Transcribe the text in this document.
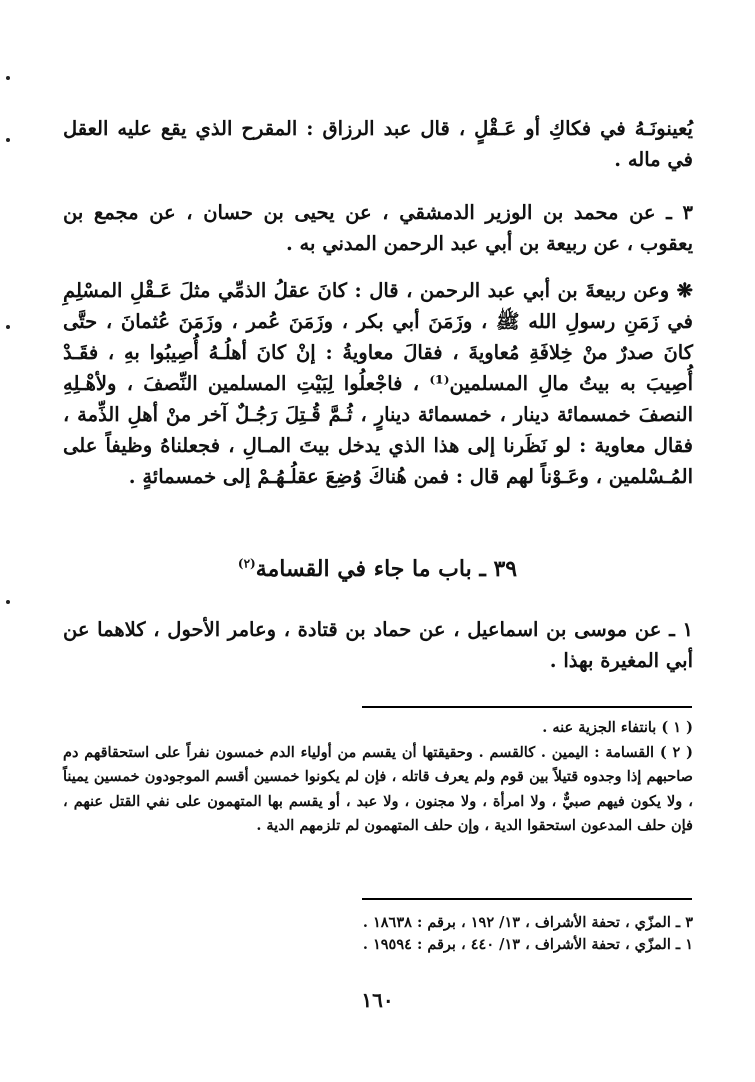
يُعينونَـهُ في فكاكِ أو عَـقْلٍ ، قال عبد الرزاق : المقرح الذي يقع عليه العقل في ماله .

٣ ـ عن محمد بن الوزير الدمشقي ، عن يحيى بن حسان ، عن مجمع بن يعقوب ، عن ربيعة بن أبي عبد الرحمن المدني به .

❋ وعن ربيعةَ بن أبي عبد الرحمن ، قال : كانَ عقلُ الذمِّي مثلَ عَـقْلِ المسْلِمِ في زَمَنِ رسولِ الله ﷺ ، وزَمَنَ أبي بكر ، وزَمَنَ عُمر ، وزَمَنَ عُثمانَ ، حتَّى كانَ صدرٌ منْ خِلافَةِ مُعاويةَ ، فقالَ معاويةُ : إنْ كانَ أهلُـهُ أُصِيبُوا بهِ ، فقَـدْ أُصِيبَ به بيتُ مالِ المسلمين⁽¹⁾ ، فاجْعلُوا لِبَيْتِ المسلمين النِّصفَ ، ولأهْـلِهِ النصفَ خمسمائة دينار ، خمسمائة دينارٍ ، ثُـمَّ قُـتِلَ رَجُـلٌ آخر منْ أهلِ الذِّمة ، فقال معاوية : لو نَظَرنا إلى هذا الذي يدخل بيتَ المـالِ ، فجعلناهُ وظيفاً على المُـسْلمين ، وعَـوْناً لهم قال : فمن هُناكَ وُضِعَ عقلُـهُـمْ إلى خمسمائةٍ .

٣٩ ـ باب ما جاء في القسامة$^{(٢)}$

١ ـ عن موسى بن اسماعيل ، عن حماد بن قتادة ، وعامر الأحول ، كلاهما عن أبي المغيرة بهذا .

( ١ ) بانتفاء الجزية عنه .

( ٢ ) القسامة : اليمين . كالقسم . وحقيقتها أن يقسم من أولياء الدم خمسون نفراً على استحقاقهم دم صاحبهم إذا وجدوه قتيلاً بين قوم ولم يعرف قاتله ، فإن لم يكونوا خمسين أقسم الموجودون خمسين يميناً ، ولا يكون فيهم صبيٌّ ، ولا امرأة ، ولا مجنون ، ولا عبد ، أو يقسم بها المتهمون على نفي القتل عنهم ، فإن حلف المدعون استحقوا الدية ، وإن حلف المتهمون لم تلزمهم الدية .

٣ ـ المزّي ، تحفة الأشراف ، ١٣/ ١٩٢ ، برقم : ١٨٦٣٨ .

١ ـ المزّي ، تحفة الأشراف ، ١٣/ ٤٤٠ ، برقم : ١٩٥٩٤ .

١٦٠
